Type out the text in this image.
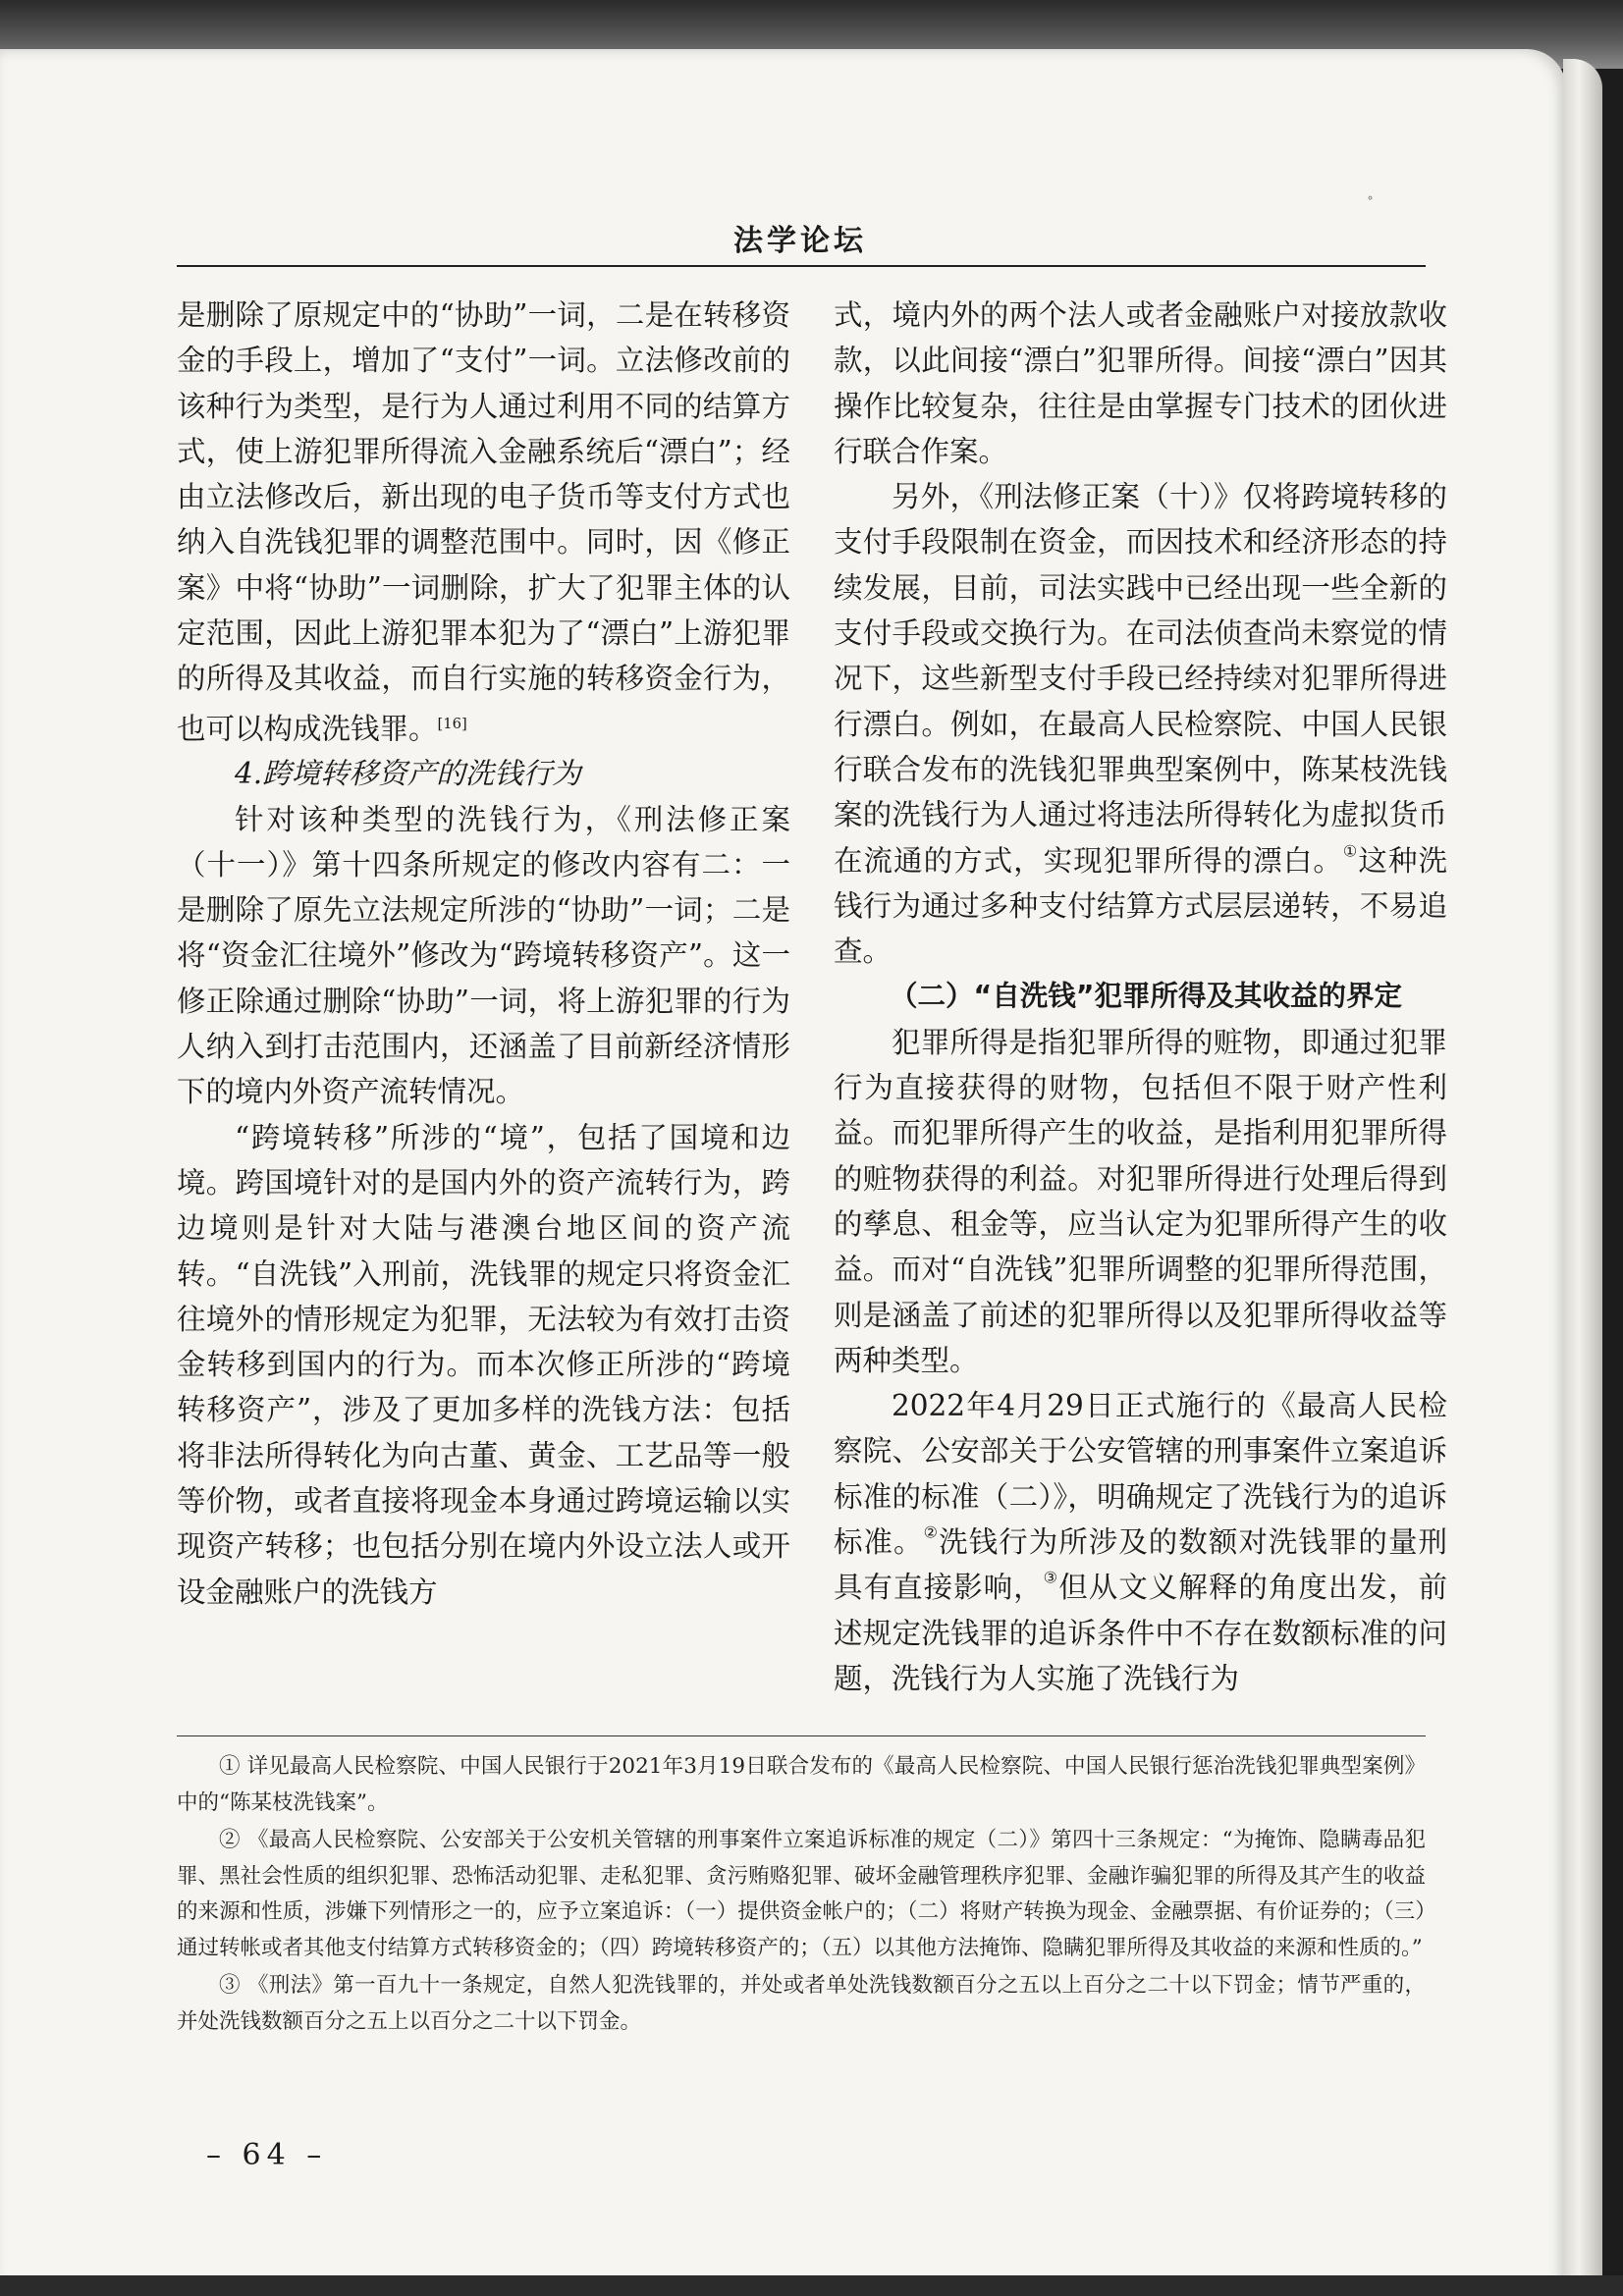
˚
法学论坛

是删除了原规定中的“协助”一词，二是在转移资金的手段上，增加了“支付”一词。立法修改前的该种行为类型，是行为人通过利用不同的结算方式，使上游犯罪所得流入金融系统后“漂白”；经由立法修改后，新出现的电子货币等支付方式也纳入自洗钱犯罪的调整范围中。同时，因《修正案》中将“协助”一词删除，扩大了犯罪主体的认定范围，因此上游犯罪本犯为了“漂白”上游犯罪的所得及其收益，而自行实施的转移资金行为，也可以构成洗钱罪。[16]

4.跨境转移资产的洗钱行为

针对该种类型的洗钱行为，《刑法修正案（十一）》第十四条所规定的修改内容有二：一是删除了原先立法规定所涉的“协助”一词；二是将“资金汇往境外”修改为“跨境转移资产”。这一修正除通过删除“协助”一词，将上游犯罪的行为人纳入到打击范围内，还涵盖了目前新经济情形下的境内外资产流转情况。

“跨境转移”所涉的“境”，包括了国境和边境。跨国境针对的是国内外的资产流转行为，跨边境则是针对大陆与港澳台地区间的资产流转。“自洗钱”入刑前，洗钱罪的规定只将资金汇往境外的情形规定为犯罪，无法较为有效打击资金转移到国内的行为。而本次修正所涉的“跨境转移资产”，涉及了更加多样的洗钱方法：包括将非法所得转化为向古董、黄金、工艺品等一般等价物，或者直接将现金本身通过跨境运输以实现资产转移；也包括分别在境内外设立法人或开设金融账户的洗钱方

式，境内外的两个法人或者金融账户对接放款收款，以此间接“漂白”犯罪所得。间接“漂白”因其操作比较复杂，往往是由掌握专门技术的团伙进行联合作案。

另外，《刑法修正案（十）》仅将跨境转移的支付手段限制在资金，而因技术和经济形态的持续发展，目前，司法实践中已经出现一些全新的支付手段或交换行为。在司法侦查尚未察觉的情况下，这些新型支付手段已经持续对犯罪所得进行漂白。例如，在最高人民检察院、中国人民银行联合发布的洗钱犯罪典型案例中，陈某枝洗钱案的洗钱行为人通过将违法所得转化为虚拟货币在流通的方式，实现犯罪所得的漂白。①这种洗钱行为通过多种支付结算方式层层递转，不易追查。

（二）“自洗钱”犯罪所得及其收益的界定

犯罪所得是指犯罪所得的赃物，即通过犯罪行为直接获得的财物，包括但不限于财产性利益。而犯罪所得产生的收益，是指利用犯罪所得的赃物获得的利益。对犯罪所得进行处理后得到的孳息、租金等，应当认定为犯罪所得产生的收益。而对“自洗钱”犯罪所调整的犯罪所得范围，则是涵盖了前述的犯罪所得以及犯罪所得收益等两种类型。

2022年4月29日正式施行的《最高人民检察院、公安部关于公安管辖的刑事案件立案追诉标准的标准（二）》，明确规定了洗钱行为的追诉标准。②洗钱行为所涉及的数额对洗钱罪的量刑具有直接影响，③但从文义解释的角度出发，前述规定洗钱罪的追诉条件中不存在数额标准的问题，洗钱行为人实施了洗钱行为

① 详见最高人民检察院、中国人民银行于2021年3月19日联合发布的《最高人民检察院、中国人民银行惩治洗钱犯罪典型案例》中的“陈某枝洗钱案”。

② 《最高人民检察院、公安部关于公安机关管辖的刑事案件立案追诉标准的规定（二）》第四十三条规定：“为掩饰、隐瞒毒品犯罪、黑社会性质的组织犯罪、恐怖活动犯罪、走私犯罪、贪污贿赂犯罪、破坏金融管理秩序犯罪、金融诈骗犯罪的所得及其产生的收益的来源和性质，涉嫌下列情形之一的，应予立案追诉：（一）提供资金帐户的；（二）将财产转换为现金、金融票据、有价证券的；（三）通过转帐或者其他支付结算方式转移资金的；（四）跨境转移资产的；（五）以其他方法掩饰、隐瞒犯罪所得及其收益的来源和性质的。”

③ 《刑法》第一百九十一条规定，自然人犯洗钱罪的，并处或者单处洗钱数额百分之五以上百分之二十以下罚金；情节严重的，并处洗钱数额百分之五上以百分之二十以下罚金。

– 64 –
